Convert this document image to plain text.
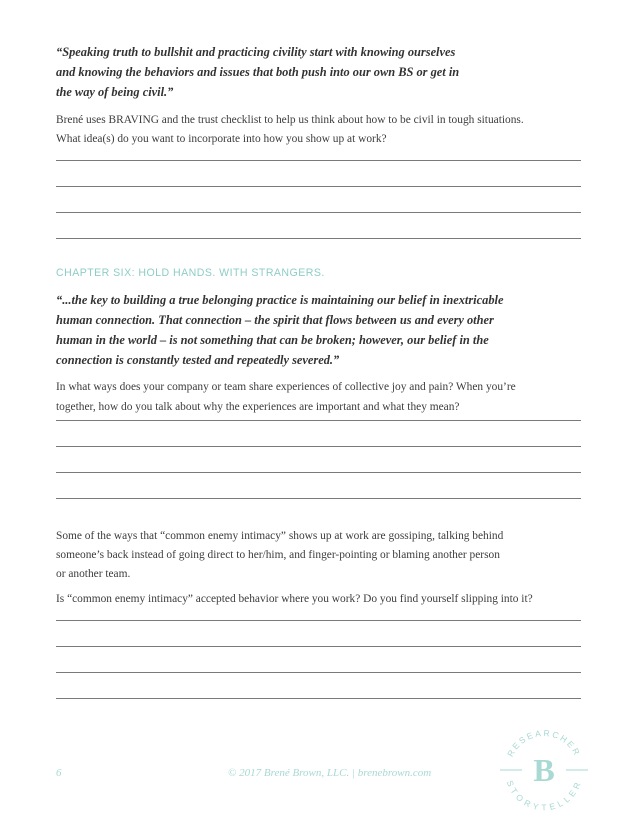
“Speaking truth to bullshit and practicing civility start with knowing ourselves

and knowing the behaviors and issues that both push into our own BS or get in

the way of being civil.”

Brené uses BRAVING and the trust checklist to help us think about how to be civil in tough situations.

What idea(s) do you want to incorporate into how you show up at work?

CHAPTER SIX: HOLD HANDS. WITH STRANGERS.

“...the key to building a true belonging practice is maintaining our belief in inextricable

human connection. That connection – the spirit that flows between us and every other

human in the world – is not something that can be broken; however, our belief in the

connection is constantly tested and repeatedly severed.”

In what ways does your company or team share experiences of collective joy and pain? When you’re

together, how do you talk about why the experiences are important and what they mean?

Some of the ways that “common enemy intimacy” shows up at work are gossiping, talking behind

someone’s back instead of going direct to her/him, and finger-pointing or blaming another person

or another team.

Is “common enemy intimacy” accepted behavior where you work? Do you find yourself slipping into it?

6	© 2017 Brené Brown, LLC. | brenebrown.com
RESEARCHER
STORYTELLER
B
